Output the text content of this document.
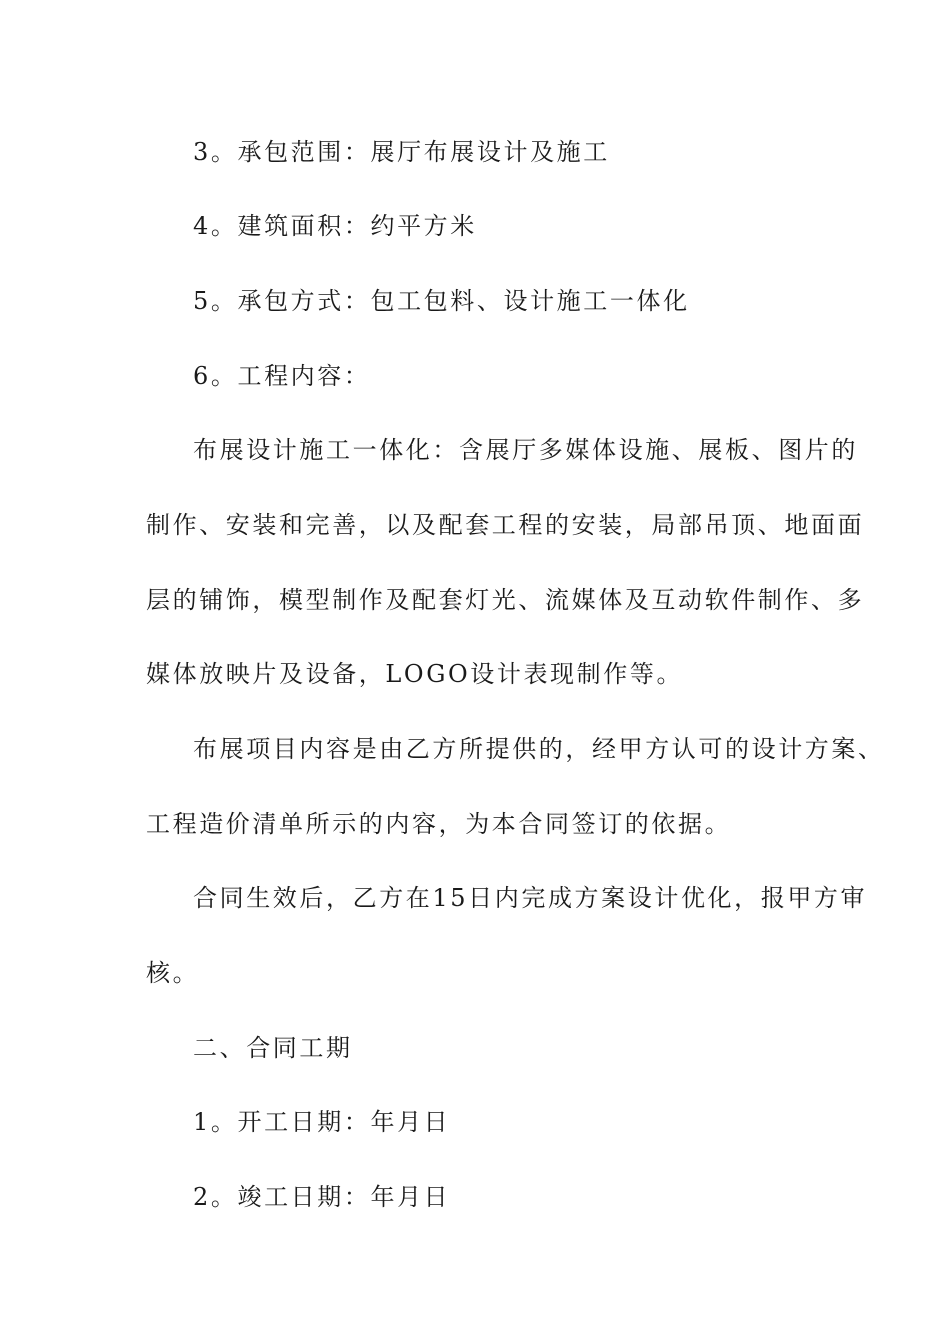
3。承包范围：展厅布展设计及施工
4。建筑面积：约平方米
5。承包方式：包工包料、设计施工一体化
6。工程内容：
布展设计施工一体化：含展厅多媒体设施、展板、图片的
制作、安装和完善，以及配套工程的安装，局部吊顶、地面面
层的铺饰，模型制作及配套灯光、流媒体及互动软件制作、多
媒体放映片及设备，LOGO设计表现制作等。
布展项目内容是由乙方所提供的，经甲方认可的设计方案、
工程造价清单所示的内容，为本合同签订的依据。
合同生效后，乙方在15日内完成方案设计优化，报甲方审
核。
二、合同工期
1。开工日期：年月日
2。竣工日期：年月日
